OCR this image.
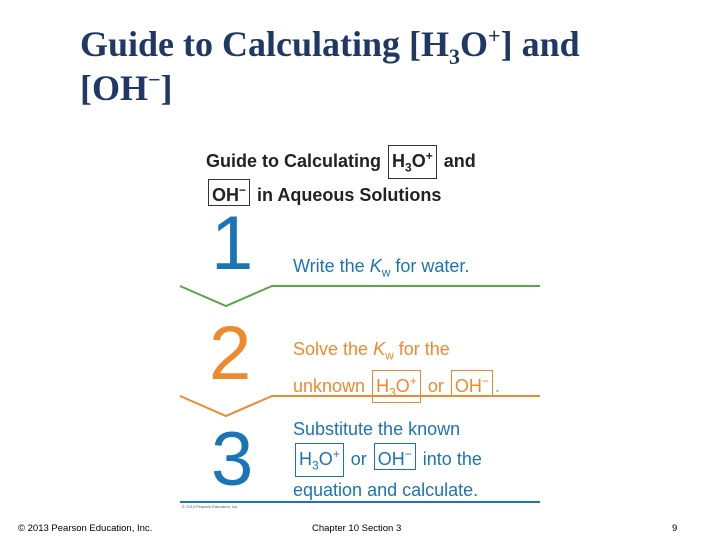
Guide to Calculating $[H_3O^+]$ and
[OH−]
Guide to Calculating $H_3O^+$ and
OH− in Aqueous Solutions
1 Write the $K_w$ for water.
2 Solve the $K_w$ for the
unknown $H_3O^+$ or OH− .
3 Substitute the known
$H_3O^+$ or OH− into the
equation and calculate.
© 2013 Pearson Education, Inc.
© 2013 Pearson Education, Inc.	Chapter 10 Section 3	9
